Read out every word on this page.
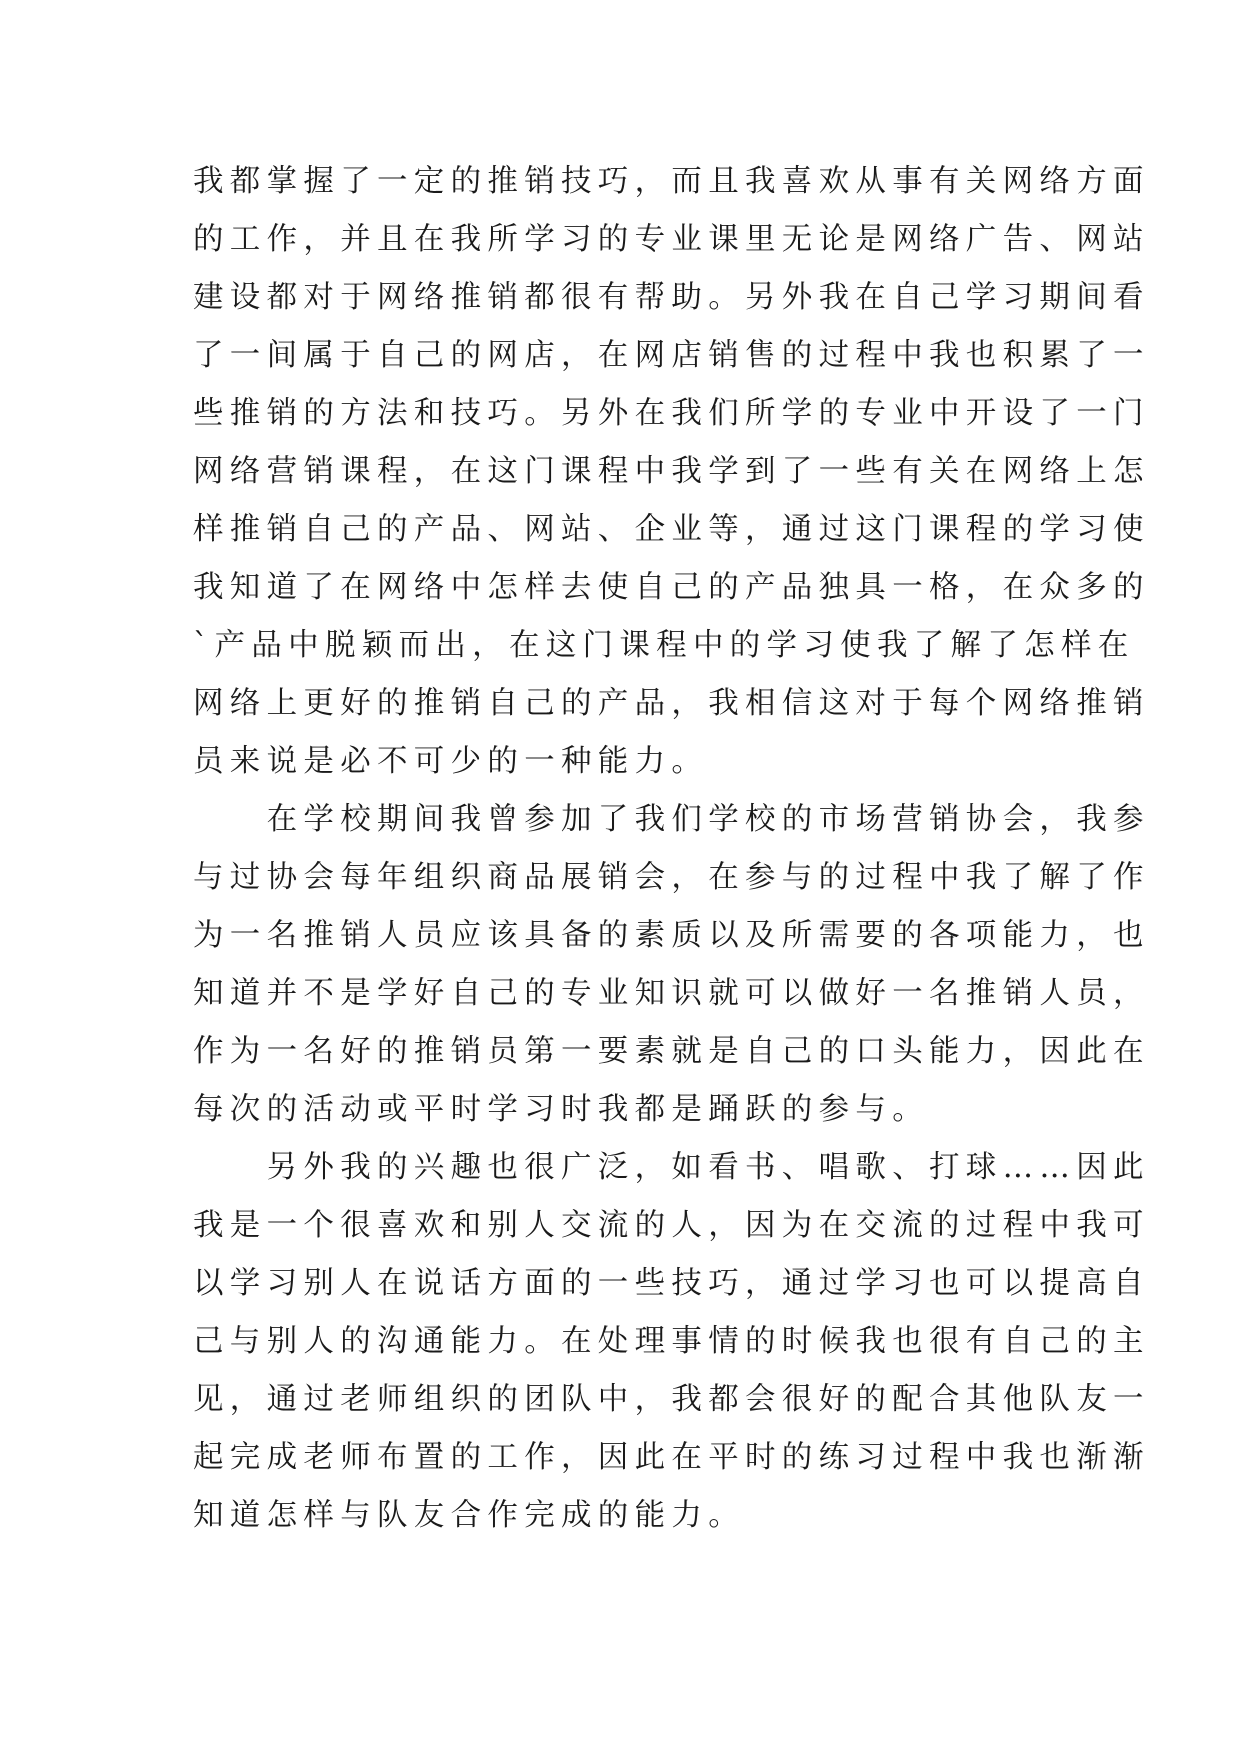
我都掌握了一定的推销技巧，而且我喜欢从事有关网络方面
的工作，并且在我所学习的专业课里无论是网络广告、网站
建设都对于网络推销都很有帮助。另外我在自己学习期间看
了一间属于自己的网店，在网店销售的过程中我也积累了一
些推销的方法和技巧。另外在我们所学的专业中开设了一门
网络营销课程，在这门课程中我学到了一些有关在网络上怎
样推销自己的产品、网站、企业等，通过这门课程的学习使
我知道了在网络中怎样去使自己的产品独具一格，在众多的
`产品中脱颖而出，在这门课程中的学习使我了解了怎样在
网络上更好的推销自己的产品，我相信这对于每个网络推销
员来说是必不可少的一种能力。
　　在学校期间我曾参加了我们学校的市场营销协会，我参
与过协会每年组织商品展销会，在参与的过程中我了解了作
为一名推销人员应该具备的素质以及所需要的各项能力，也
知道并不是学好自己的专业知识就可以做好一名推销人员，
作为一名好的推销员第一要素就是自己的口头能力，因此在
每次的活动或平时学习时我都是踊跃的参与。
　　另外我的兴趣也很广泛，如看书、唱歌、打球……因此
我是一个很喜欢和别人交流的人，因为在交流的过程中我可
以学习别人在说话方面的一些技巧，通过学习也可以提高自
己与别人的沟通能力。在处理事情的时候我也很有自己的主
见，通过老师组织的团队中，我都会很好的配合其他队友一
起完成老师布置的工作，因此在平时的练习过程中我也渐渐
知道怎样与队友合作完成的能力。
